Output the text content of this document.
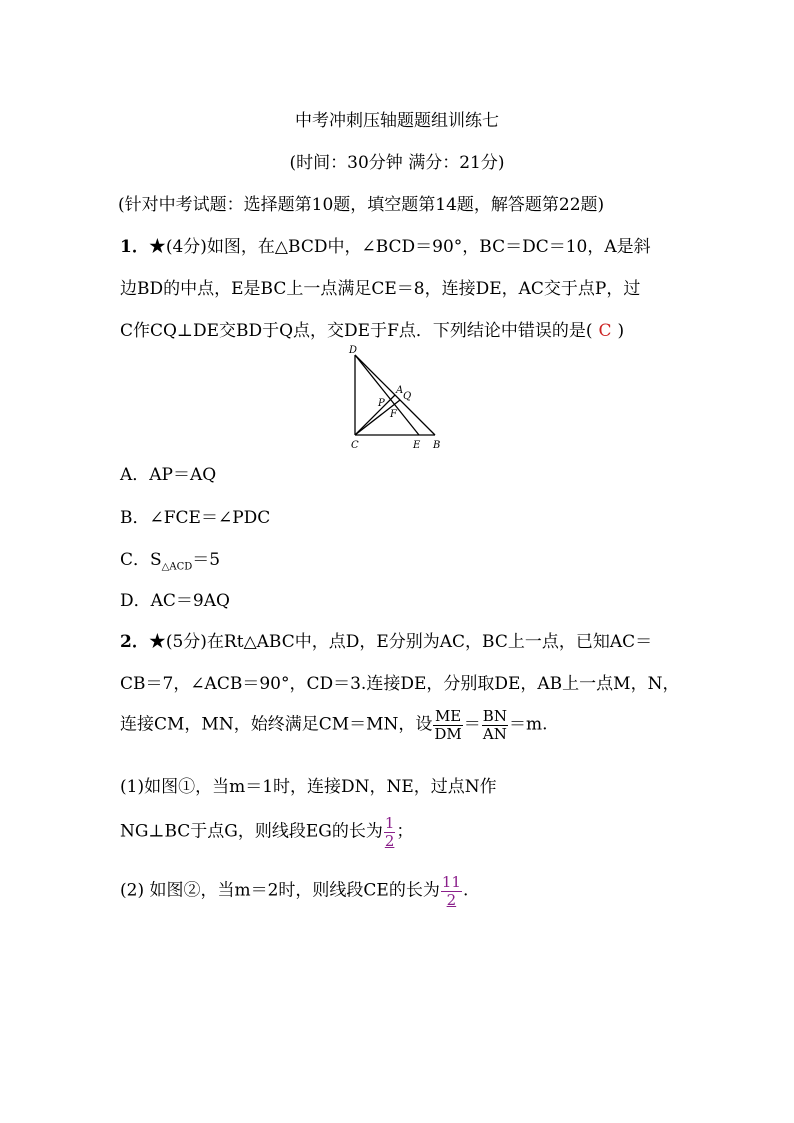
中考冲刺压轴题题组训练七
(时间：30分钟 满分：21分)
(针对中考试题：选择题第10题，填空题第14题，解答题第22题)
1．★(4分)如图，在△BCD中，∠BCD＝90°，BC＝DC＝10，A是斜
边BD的中点，E是BC上一点满足CE＝8，连接DE，AC交于点P，过
C作CQ⊥DE交BD于Q点，交DE于F点．下列结论中错误的是( C )
D
A
Q
P
F
C	E B
A．AP＝AQ
B．∠FCE＝∠PDC
C．$S_{\triangle ACD}=5$
D．AC＝9AQ
2．★(5分)在Rt△ABC中，点D，E分别为AC，BC上一点，已知AC＝
CB＝7，∠ACB＝90°，CD＝3.连接DE，分别取DE，AB上一点M，N，
连接CM，MN，始终满足CM＝MN，设 $\frac{ME}{DM} = \frac{BN}{AN} =m$.
(1)如图①，当m＝1时，连接DN，NE，过点N作
NG⊥BC于点G，则线段EG的长为 $\frac{1}{2}$ ；
(2) 如图②，当m＝2时，则线段CE的长为 $\frac{11}{2}$ .
